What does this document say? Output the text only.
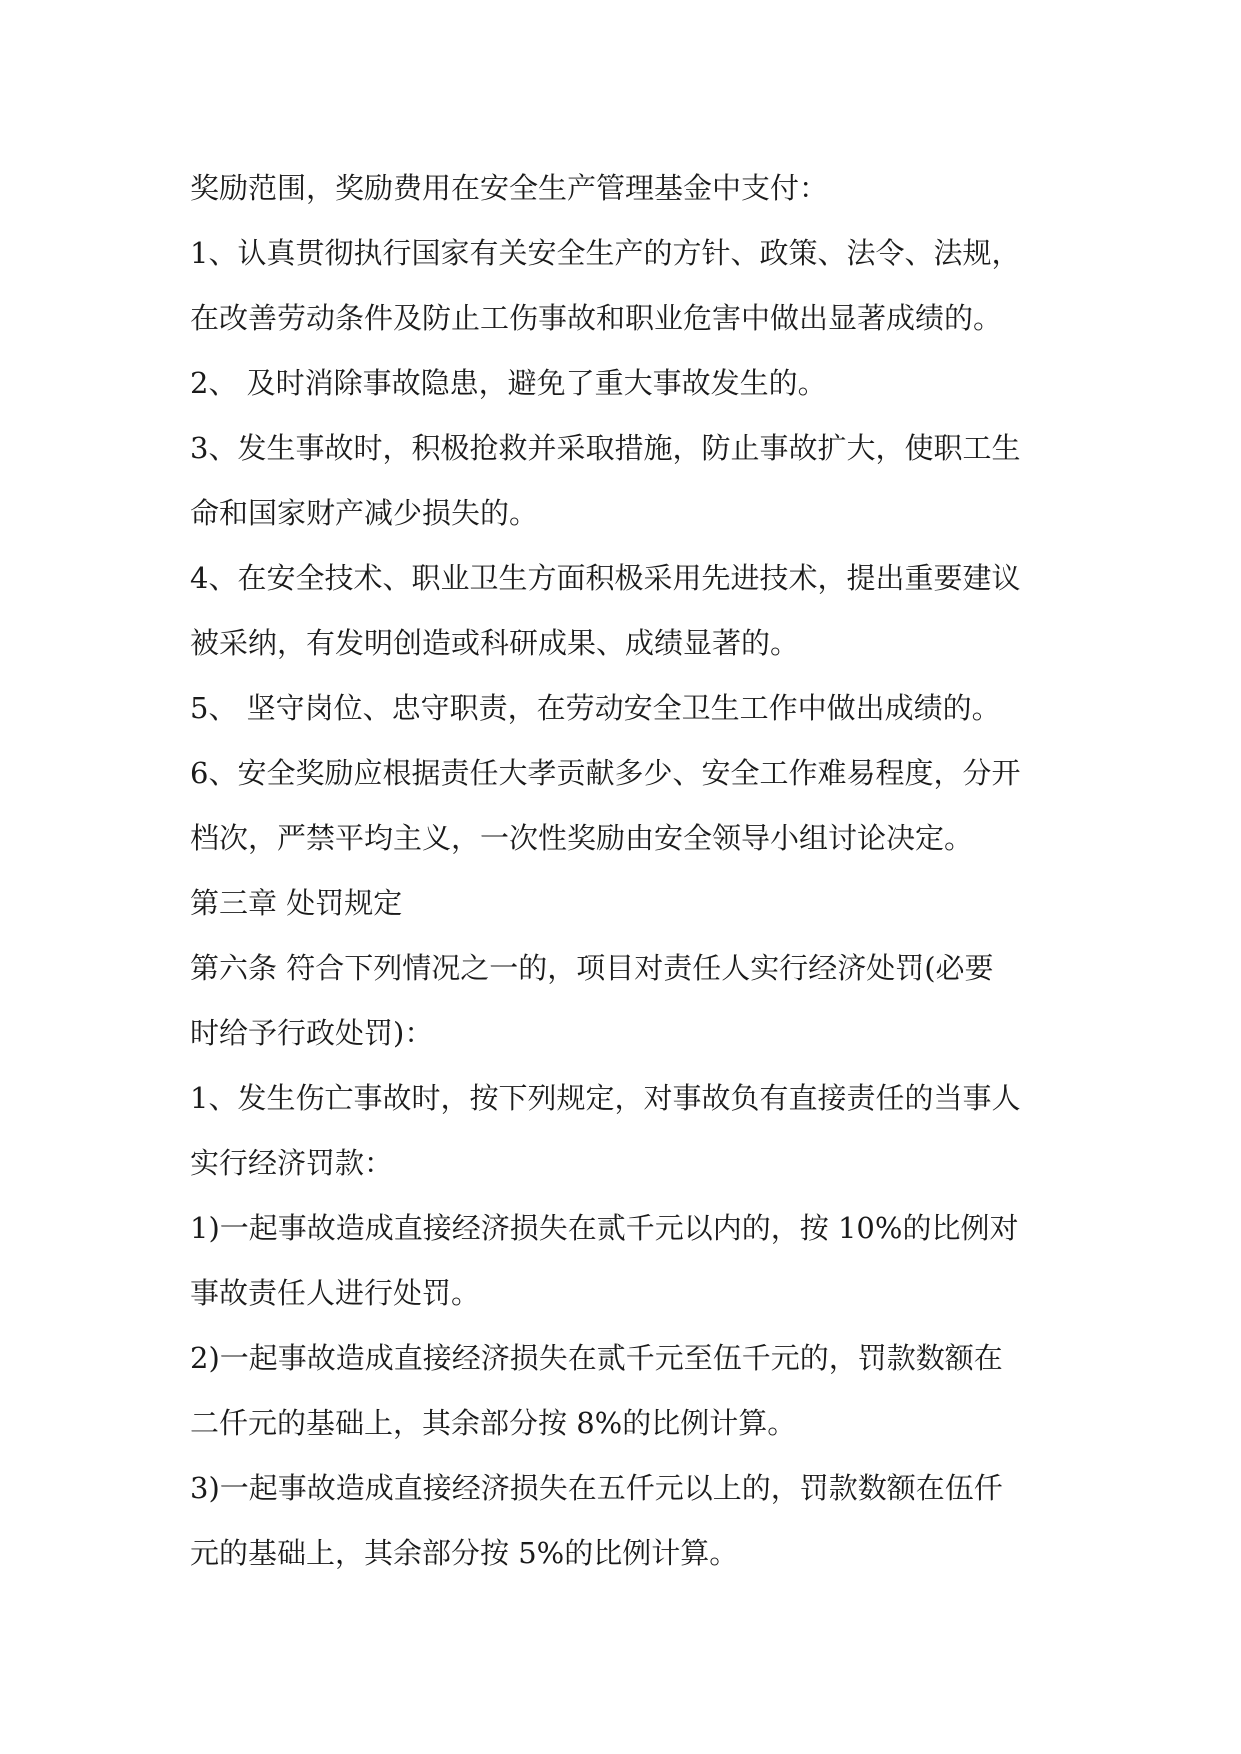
奖励范围，奖励费用在安全生产管理基金中支付：

1、认真贯彻执行国家有关安全生产的方针、政策、法令、法规，

在改善劳动条件及防止工伤事故和职业危害中做出显著成绩的。

2、 及时消除事故隐患，避免了重大事故发生的。

3、发生事故时，积极抢救并采取措施，防止事故扩大，使职工生

命和国家财产减少损失的。

4、在安全技术、职业卫生方面积极采用先进技术，提出重要建议

被采纳，有发明创造或科研成果、成绩显著的。

5、 坚守岗位、忠守职责，在劳动安全卫生工作中做出成绩的。

6、安全奖励应根据责任大孝贡献多少、安全工作难易程度，分开

档次，严禁平均主义，一次性奖励由安全领导小组讨论决定。

第三章 处罚规定

第六条 符合下列情况之一的，项目对责任人实行经济处罚(必要

时给予行政处罚)：

1、发生伤亡事故时，按下列规定，对事故负有直接责任的当事人

实行经济罚款：

1)一起事故造成直接经济损失在贰千元以内的，按 10%的比例对

事故责任人进行处罚。

2)一起事故造成直接经济损失在贰千元至伍千元的，罚款数额在

二仟元的基础上，其余部分按 8%的比例计算。

3)一起事故造成直接经济损失在五仟元以上的，罚款数额在伍仟

元的基础上，其余部分按 5%的比例计算。
